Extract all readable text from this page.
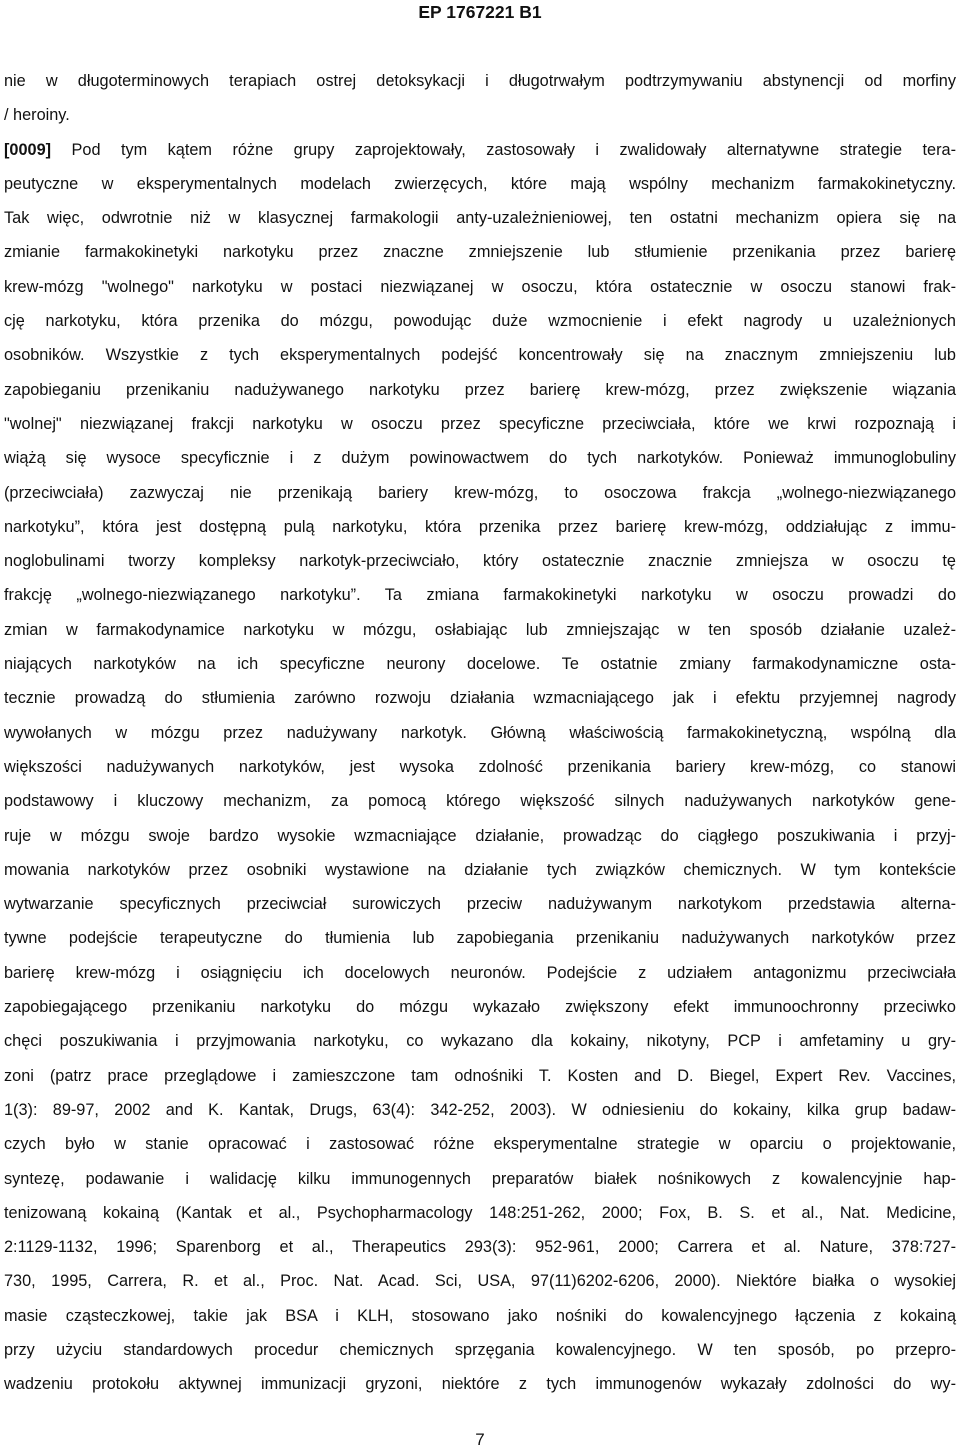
EP 1767221 B1
nie w długoterminowych terapiach ostrej detoksykacji i długotrwałym podtrzymywaniu abstynencji od morfiny
/ heroiny.
[0009] Pod tym kątem różne grupy zaprojektowały, zastosowały i zwalidowały alternatywne strategie tera-
peutyczne w eksperymentalnych modelach zwierzęcych, które mają wspólny mechanizm farmakokinetyczny.
Tak więc, odwrotnie niż w klasycznej farmakologii anty-uzależnieniowej, ten ostatni mechanizm opiera się na
zmianie farmakokinetyki narkotyku przez znaczne zmniejszenie lub stłumienie przenikania przez barierę
krew-mózg "wolnego" narkotyku w postaci niezwiązanej w osoczu, która ostatecznie w osoczu stanowi frak-
cję narkotyku, która przenika do mózgu, powodując duże wzmocnienie i efekt nagrody u uzależnionych
osobników. Wszystkie z tych eksperymentalnych podejść koncentrowały się na znacznym zmniejszeniu lub
zapobieganiu przenikaniu nadużywanego narkotyku przez barierę krew-mózg, przez zwiększenie wiązania
"wolnej" niezwiązanej frakcji narkotyku w osoczu przez specyficzne przeciwciała, które we krwi rozpoznają i
wiążą się wysoce specyficznie i z dużym powinowactwem do tych narkotyków. Ponieważ immunoglobuliny
(przeciwciała) zazwyczaj nie przenikają bariery krew-mózg, to osoczowa frakcja „wolnego-niezwiązanego
narkotyku”, która jest dostępną pulą narkotyku, która przenika przez barierę krew-mózg, oddziałując z immu-
noglobulinami tworzy kompleksy narkotyk-przeciwciało, który ostatecznie znacznie zmniejsza w osoczu tę
frakcję „wolnego-niezwiązanego narkotyku”. Ta zmiana farmakokinetyki narkotyku w osoczu prowadzi do
zmian w farmakodynamice narkotyku w mózgu, osłabiając lub zmniejszając w ten sposób działanie uzależ-
niających narkotyków na ich specyficzne neurony docelowe. Te ostatnie zmiany farmakodynamiczne osta-
tecznie prowadzą do stłumienia zarówno rozwoju działania wzmacniającego jak i efektu przyjemnej nagrody
wywołanych w mózgu przez nadużywany narkotyk. Główną właściwością farmakokinetyczną, wspólną dla
większości nadużywanych narkotyków, jest wysoka zdolność przenikania bariery krew-mózg, co stanowi
podstawowy i kluczowy mechanizm, za pomocą którego większość silnych nadużywanych narkotyków gene-
ruje w mózgu swoje bardzo wysokie wzmacniające działanie, prowadząc do ciągłego poszukiwania i przyj-
mowania narkotyków przez osobniki wystawione na działanie tych związków chemicznych. W tym kontekście
wytwarzanie specyficznych przeciwciał surowiczych przeciw nadużywanym narkotykom przedstawia alterna-
tywne podejście terapeutyczne do tłumienia lub zapobiegania przenikaniu nadużywanych narkotyków przez
barierę krew-mózg i osiągnięciu ich docelowych neuronów. Podejście z udziałem antagonizmu przeciwciała
zapobiegającego przenikaniu narkotyku do mózgu wykazało zwiększony efekt immunoochronny przeciwko
chęci poszukiwania i przyjmowania narkotyku, co wykazano dla kokainy, nikotyny, PCP i amfetaminy u gry-
zoni (patrz prace przeglądowe i zamieszczone tam odnośniki T. Kosten and D. Biegel, Expert Rev. Vaccines,
1(3): 89-97, 2002 and K. Kantak, Drugs, 63(4): 342-252, 2003). W odniesieniu do kokainy, kilka grup badaw-
czych było w stanie opracować i zastosować różne eksperymentalne strategie w oparciu o projektowanie,
syntezę, podawanie i walidację kilku immunogennych preparatów białek nośnikowych z kowalencyjnie hap-
tenizowaną kokainą (Kantak et al., Psychopharmacology 148:251-262, 2000; Fox, B. S. et al., Nat. Medicine,
2:1129-1132, 1996; Sparenborg et al., Therapeutics 293(3): 952-961, 2000; Carrera et al. Nature, 378:727-
730, 1995, Carrera, R. et al., Proc. Nat. Acad. Sci, USA, 97(11)6202-6206, 2000). Niektóre białka o wysokiej
masie cząsteczkowej, takie jak BSA i KLH, stosowano jako nośniki do kowalencyjnego łączenia z kokainą
przy użyciu standardowych procedur chemicznych sprzęgania kowalencyjnego. W ten sposób, po przepro-
wadzeniu protokołu aktywnej immunizacji gryzoni, niektóre z tych immunogenów wykazały zdolności do wy-
7
